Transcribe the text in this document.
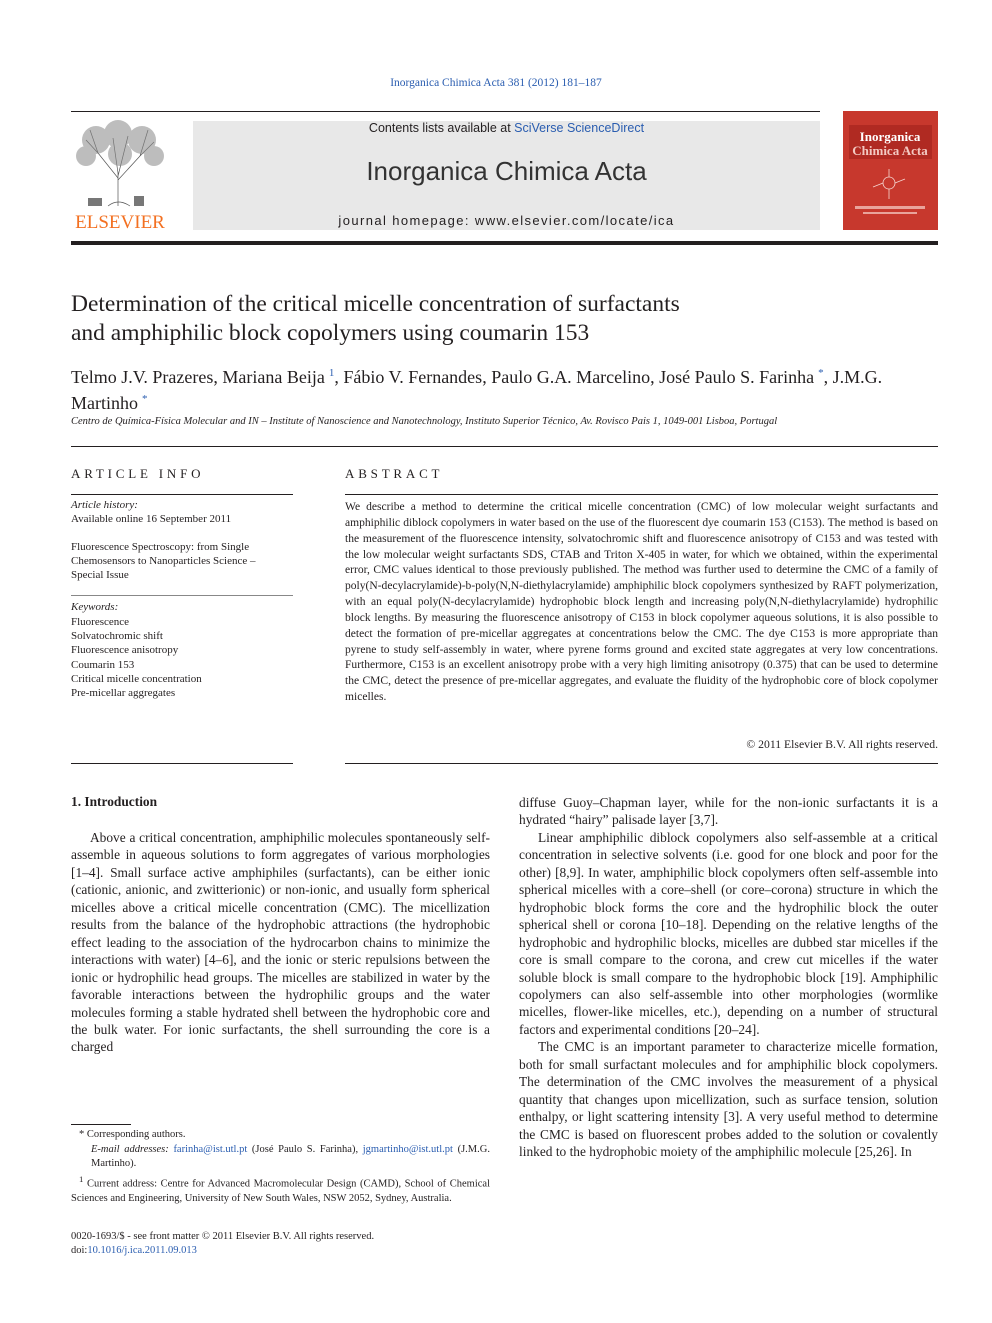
Inorganica Chimica Acta 381 (2012) 181–187
ELSEVIER
Contents lists available at SciVerse ScienceDirect
Inorganica Chimica Acta
journal homepage: www.elsevier.com/locate/ica
Inorganica
Chimica Acta
Determination of the critical micelle concentration of surfactants
and amphiphilic block copolymers using coumarin 153
Telmo J.V. Prazeres, Mariana Beija $^1$, Fábio V. Fernandes, Paulo G.A. Marcelino, José Paulo S. Farinha *, J.M.G. Martinho *
Centro de Química-Física Molecular and IN – Institute of Nanoscience and Nanotechnology, Instituto Superior Técnico, Av. Rovisco Pais 1, 1049-001 Lisboa, Portugal
ARTICLE INFO	ABSTRACT
Article history:
Available online 16 September 2011
Fluorescence Spectroscopy: from Single Chemosensors to Nanoparticles Science – Special Issue
Keywords:
Fluorescence
Solvatochromic shift
Fluorescence anisotropy
Coumarin 153
Critical micelle concentration
Pre-micellar aggregates
We describe a method to determine the critical micelle concentration (CMC) of low molecular weight surfactants and amphiphilic diblock copolymers in water based on the use of the fluorescent dye coumarin 153 (C153). The method is based on the measurement of the fluorescence intensity, solvatochromic shift and fluorescence anisotropy of C153 and was tested with the low molecular weight surfactants SDS, CTAB and Triton X-405 in water, for which we obtained, within the experimental error, CMC values identical to those previously published. The method was further used to determine the CMC of a family of poly(N-decylacrylamide)-b-poly(N,N-diethylacrylamide) amphiphilic block copolymers synthesized by RAFT polymerization, with an equal poly(N-decylacrylamide) hydrophobic block length and increasing poly(N,N-diethylacrylamide) hydrophilic block lengths. By measuring the fluorescence anisotropy of C153 in block copolymer aqueous solutions, it is also possible to detect the formation of pre-micellar aggregates at concentrations below the CMC. The dye C153 is more appropriate than pyrene to study self-assembly in water, where pyrene forms ground and excited state aggregates at very low concentrations. Furthermore, C153 is an excellent anisotropy probe with a very high limiting anisotropy (0.375) that can be used to determine the CMC, detect the presence of pre-micellar aggregates, and evaluate the fluidity of the hydrophobic core of block copolymer micelles.
© 2011 Elsevier B.V. All rights reserved.
1. Introduction

Above a critical concentration, amphiphilic molecules spontaneously self-assemble in aqueous solutions to form aggregates of various morphologies [1–4]. Small surface active amphiphiles (surfactants), can be either ionic (cationic, anionic, and zwitterionic) or non-ionic, and usually form spherical micelles above a critical micelle concentration (CMC). The micellization results from the balance of the hydrophobic attractions (the hydrophobic effect leading to the association of the hydrocarbon chains to minimize the interactions with water) [4–6], and the ionic or steric repulsions between the ionic or hydrophilic head groups. The micelles are stabilized in water by the favorable interactions between the hydrophilic groups and the water molecules forming a stable hydrated shell between the hydrophobic core and the bulk water. For ionic surfactants, the shell surrounding the core is a charged

diffuse Guoy–Chapman layer, while for the non-ionic surfactants it is a hydrated “hairy” palisade layer [3,7].

Linear amphiphilic diblock copolymers also self-assemble at a critical concentration in selective solvents (i.e. good for one block and poor for the other) [8,9]. In water, amphiphilic block copolymers often self-assemble into spherical micelles with a core–shell (or core–corona) structure in which the hydrophobic block forms the core and the hydrophilic block the outer spherical shell or corona [10–18]. Depending on the relative lengths of the hydrophobic and hydrophilic blocks, micelles are dubbed star micelles if the core is small compare to the corona, and crew cut micelles if the water soluble block is small compare to the hydrophobic block [19]. Amphiphilic copolymers can also self-assemble into other morphologies (wormlike micelles, flower-like micelles, etc.), depending on a number of structural factors and experimental conditions [20–24].

The CMC is an important parameter to characterize micelle formation, both for small surfactant molecules and for amphiphilic block copolymers. The determination of the CMC involves the measurement of a physical quantity that changes upon micellization, such as surface tension, solution enthalpy, or light scattering intensity [3]. A very useful method to determine the CMC is based on fluorescent probes added to the solution or covalently linked to the hydrophobic moiety of the amphiphilic molecule [25,26]. In

* Corresponding authors.
E-mail addresses: farinha@ist.utl.pt (José Paulo S. Farinha), jgmartinho@ist.utl.pt (J.M.G. Martinho).
$^1$ Current address: Centre for Advanced Macromolecular Design (CAMD), School of Chemical Sciences and Engineering, University of New South Wales, NSW 2052, Sydney, Australia.
0020-1693/$ - see front matter © 2011 Elsevier B.V. All rights reserved.
doi:10.1016/j.ica.2011.09.013
